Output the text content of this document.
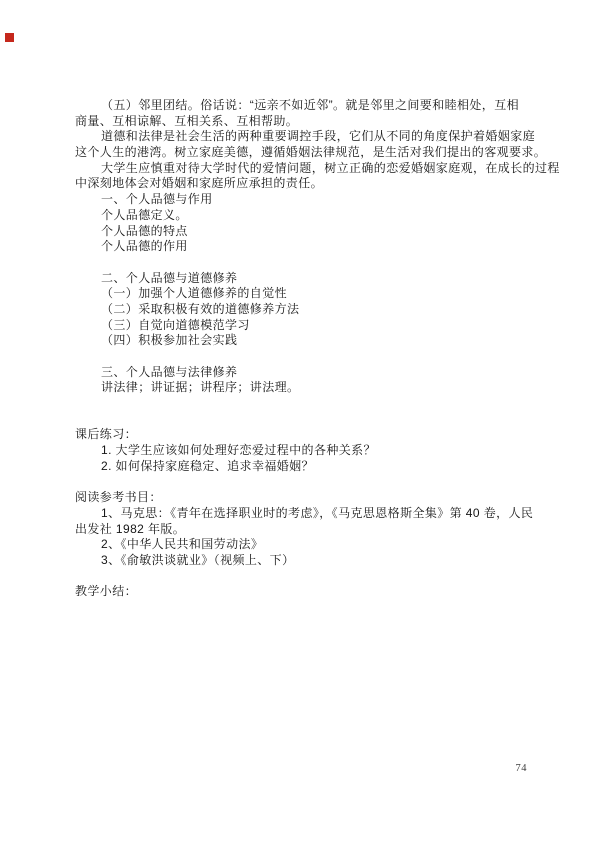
（五）邻里团结。俗话说：“远亲不如近邻”。就是邻里之间要和睦相处，互相
商量、互相谅解、互相关系、互相帮助。
道德和法律是社会生活的两种重要调控手段，它们从不同的角度保护着婚姻家庭
这个人生的港湾。树立家庭美德，遵循婚姻法律规范，是生活对我们提出的客观要求。
大学生应慎重对待大学时代的爱情问题，树立正确的恋爱婚姻家庭观，在成长的过程
中深刻地体会对婚姻和家庭所应承担的责任。
一、个人品德与作用
个人品德定义。
个人品德的特点
个人品德的作用
二、个人品德与道德修养
（一）加强个人道德修养的自觉性
（二）采取积极有效的道德修养方法
（三）自觉向道德模范学习
（四）积极参加社会实践
三、个人品德与法律修养
讲法律；讲证据；讲程序；讲法理。
课后练习：
1. 大学生应该如何处理好恋爱过程中的各种关系？
2. 如何保持家庭稳定、追求幸福婚姻？
阅读参考书目：
1、马克思：《青年在选择职业时的考虑》，《马克思恩格斯全集》第 40 卷，人民
出发社 1982 年版。
2、《中华人民共和国劳动法》
3、《俞敏洪谈就业》（视频上、下）
教学小结：
74
